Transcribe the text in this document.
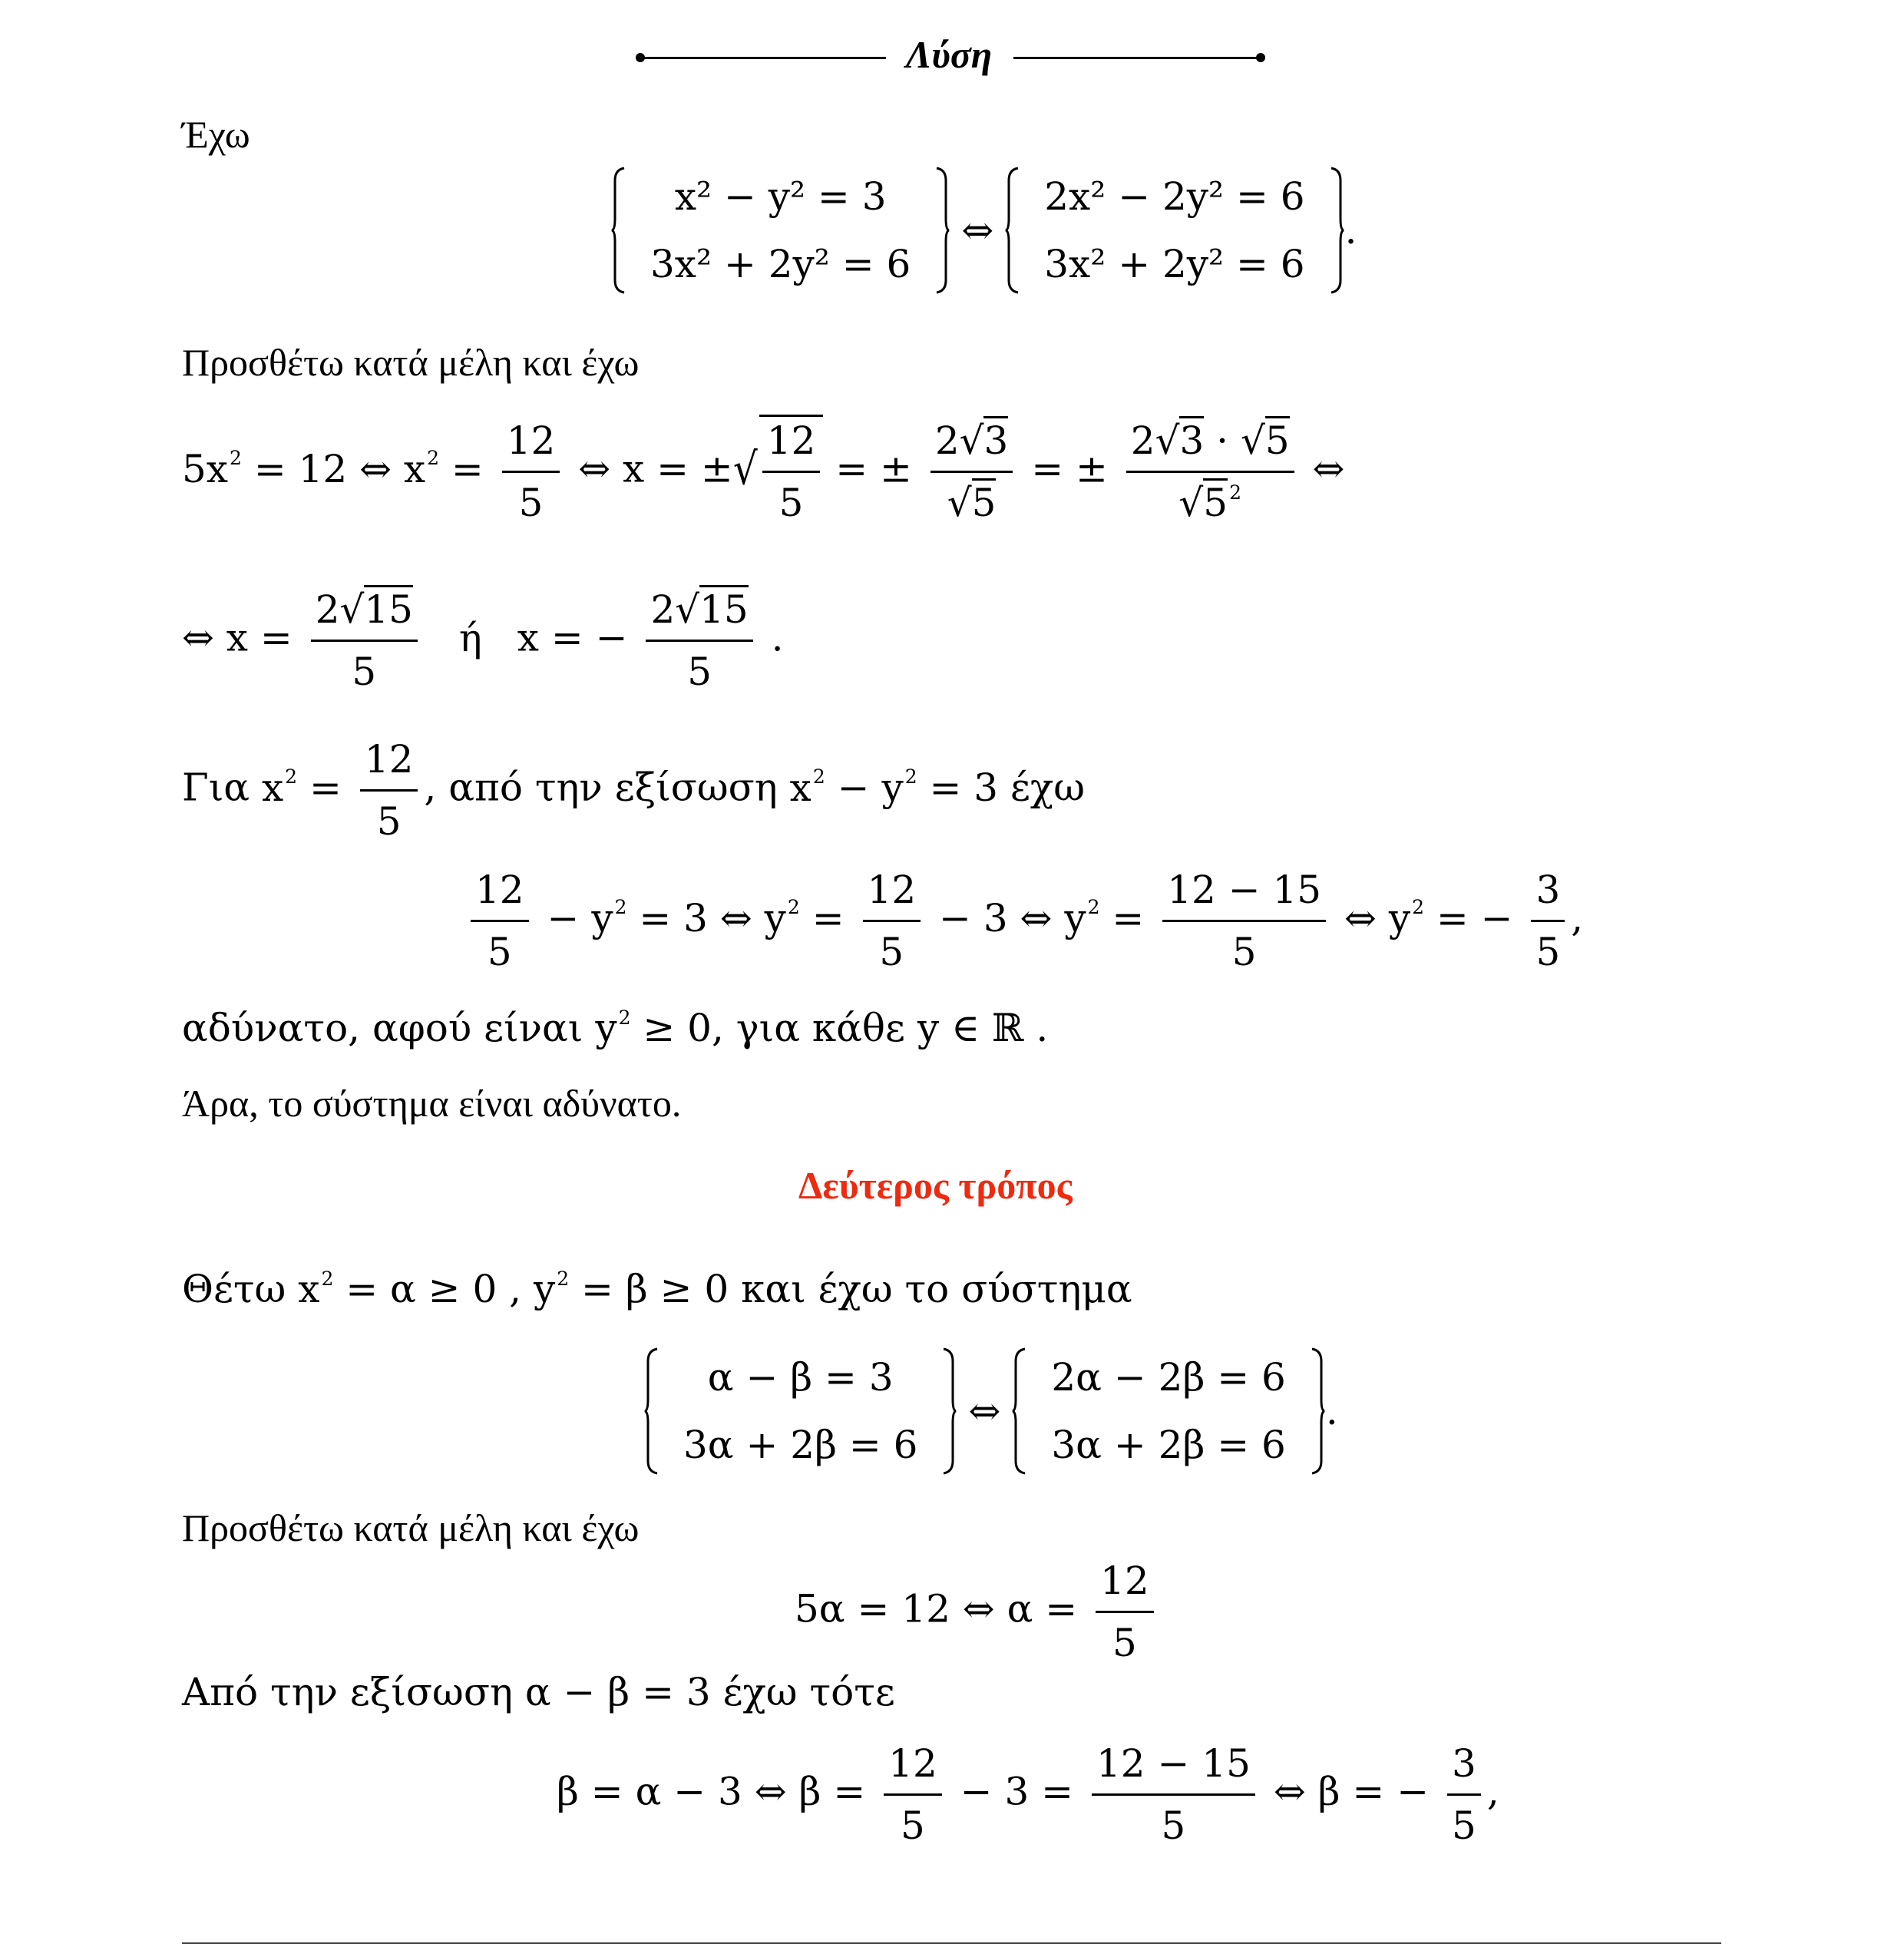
Λύση
Έχω
x² − y² = 3
3x² + 2y² = 6
⇔
2x² − 2y² = 6
3x² + 2y² = 6
.
Προσθέτω κατά μέλη και έχω
$5x^2 = 12$ ⇔ $x^2 = \frac{12}{5}$ ⇔ x = ±√ $\frac{12}{5}$ = ± $\frac{2√3}{√5}$ = ± $\frac{2√3 \cdot √5}{√5^2}$ ⇔
⇔ $x = \frac{2√15}{5}$ ή x = − $\frac{2√15}{5}$ .
Για $x^2 = \frac{12}{5}$ , από την εξίσωση $x^2 - y^2 = 3$ έχω
$\frac{12}{5} - y^2 = 3$ ⇔ $y^2 = \frac{12}{5} - 3$ ⇔ $y^2 = \frac{12 - 15}{5}$ ⇔ $y^2$ = − $\frac{3}{5}$ ,
αδύνατο, αφού είναι $y^2 \ge 0$, για κάθε y ∈ ℝ .
Άρα, το σύστημα είναι αδύνατο.
Δεύτερος τρόπος
Θέτω $x^2 = \alpha \ge 0$ , $y^2 = \beta \ge 0$ και έχω το σύστημα
α − β = 3
3α + 2β = 6
⇔
2α − 2β = 6
3α + 2β = 6
.
Προσθέτω κατά μέλη και έχω
5α = 12 ⇔ $\alpha = \frac{12}{5}$
Από την εξίσωση α − β = 3 έχω τότε
β = α − 3 ⇔ $\beta = \frac{12}{5} - 3 = \frac{12 - 15}{5}$ ⇔ β = − $\frac{3}{5}$ ,
